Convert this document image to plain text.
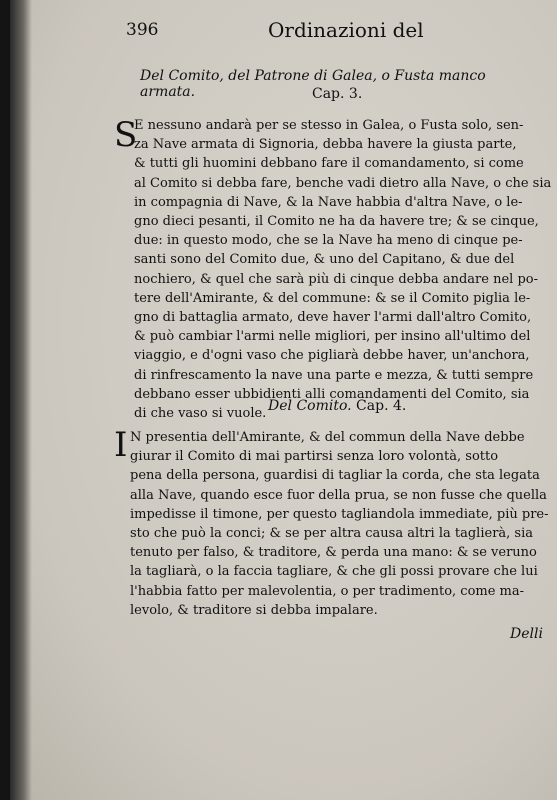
396	Ordinazioni del
Del Comito, del Patrone di Galea, o Fusta manco armata.	Cap. 3.
S
E nessuno andarà per se stesso in Galea, o Fusta solo, sen-
za Nave armata di Signoria, debba havere la giusta parte,
& tutti gli huomini debbano fare il comandamento, si come
al Comito si debba fare, benche vadi dietro alla Nave, o che sia
in compagnia di Nave, & la Nave habbia d'altra Nave, o le-
gno dieci pesanti, il Comito ne ha da havere tre; & se cinque,
due: in questo modo, che se la Nave ha meno di cinque pe-
santi sono del Comito due, & uno del Capitano, & due del
nochiero, & quel che sarà più di cinque debba andare nel po-
tere dell'Amirante, & del commune: & se il Comito piglia le-
gno di battaglia armato, deve haver l'armi dall'altro Comito,
& può cambiar l'armi nelle migliori, per insino all'ultimo del
viaggio, e d'ogni vaso che pigliarà debbe haver, un'anchora,
di rinfrescamento la nave una parte e mezza, & tutti sempre
debbano esser ubbidienti alli comandamenti del Comito, sia
di che vaso si vuole. Del Comito. Cap. 4.
I N presentia dell'Amirante, & del commun della Nave debbe
giurar il Comito di mai partirsi senza loro volontà, sotto
pena della persona, guardisi di tagliar la corda, che sta legata
alla Nave, quando esce fuor della prua, se non fusse che quella
impedisse il timone, per questo tagliandola immediate, più pre-
sto che può la conci; & se per altra causa altri la taglierà, sia
tenuto per falso, & traditore, & perda una mano: & se veruno
la tagliarà, o la faccia tagliare, & che gli possi provare che lui
l'habbia fatto per malevolentia, o per tradimento, come ma-
levolo, & traditore si debba impalare.
Delli
